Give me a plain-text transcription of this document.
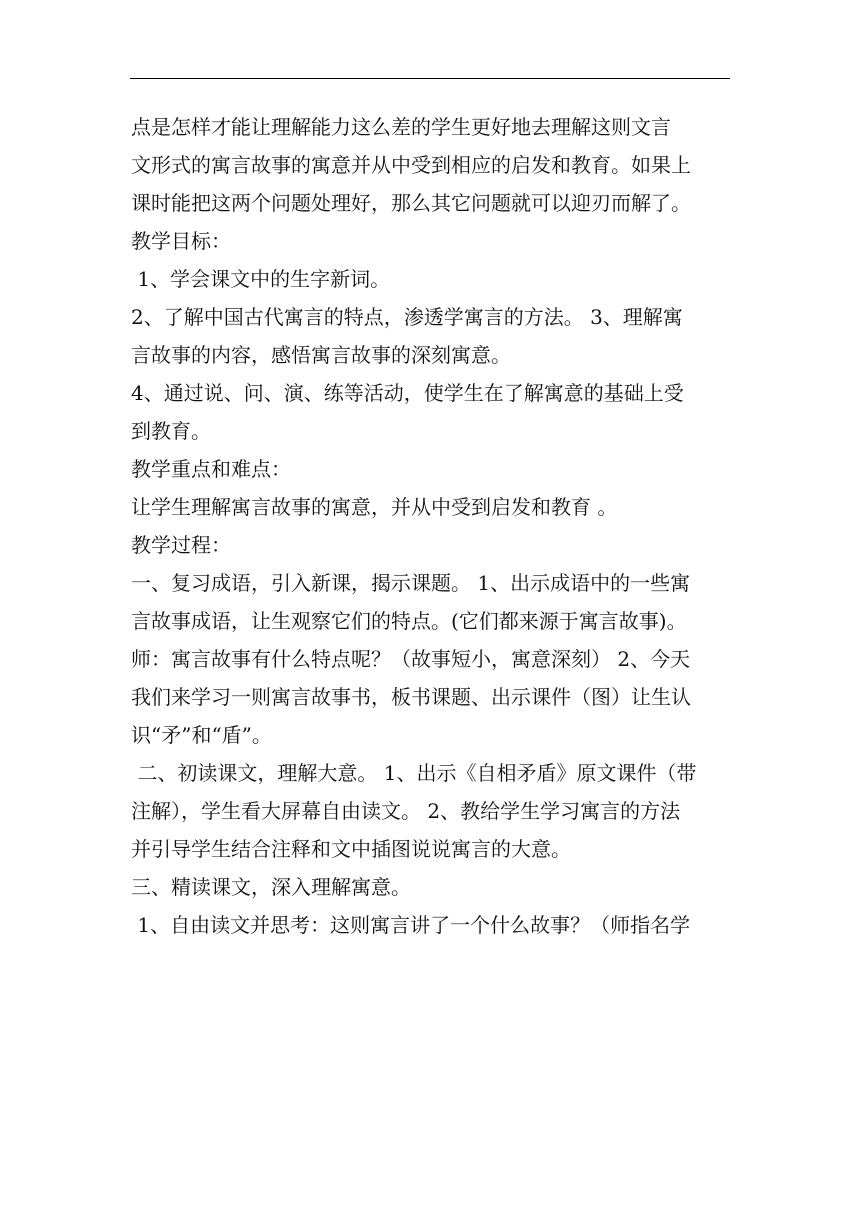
点是怎样才能让理解能力这么差的学生更好地去理解这则文言
文形式的寓言故事的寓意并从中受到相应的启发和教育。如果上
课时能把这两个问题处理好，那么其它问题就可以迎刃而解了。
教学目标：
1、学会课文中的生字新词。
2、了解中国古代寓言的特点，渗透学寓言的方法。 3、理解寓
言故事的内容，感悟寓言故事的深刻寓意。
4、通过说、问、演、练等活动，使学生在了解寓意的基础上受
到教育。
教学重点和难点：
让学生理解寓言故事的寓意，并从中受到启发和教育 。
教学过程：
一、复习成语，引入新课，揭示课题。 1、出示成语中的一些寓
言故事成语，让生观察它们的特点。(它们都来源于寓言故事)。
师：寓言故事有什么特点呢？（故事短小，寓意深刻） 2、今天
我们来学习一则寓言故事书，板书课题、出示课件（图）让生认
识“矛”和“盾”。
二、初读课文，理解大意。 1、出示《自相矛盾》原文课件（带
注解），学生看大屏幕自由读文。 2、教给学生学习寓言的方法
并引导学生结合注释和文中插图说说寓言的大意。
三、精读课文，深入理解寓意。
1、自由读文并思考：这则寓言讲了一个什么故事？（师指名学
